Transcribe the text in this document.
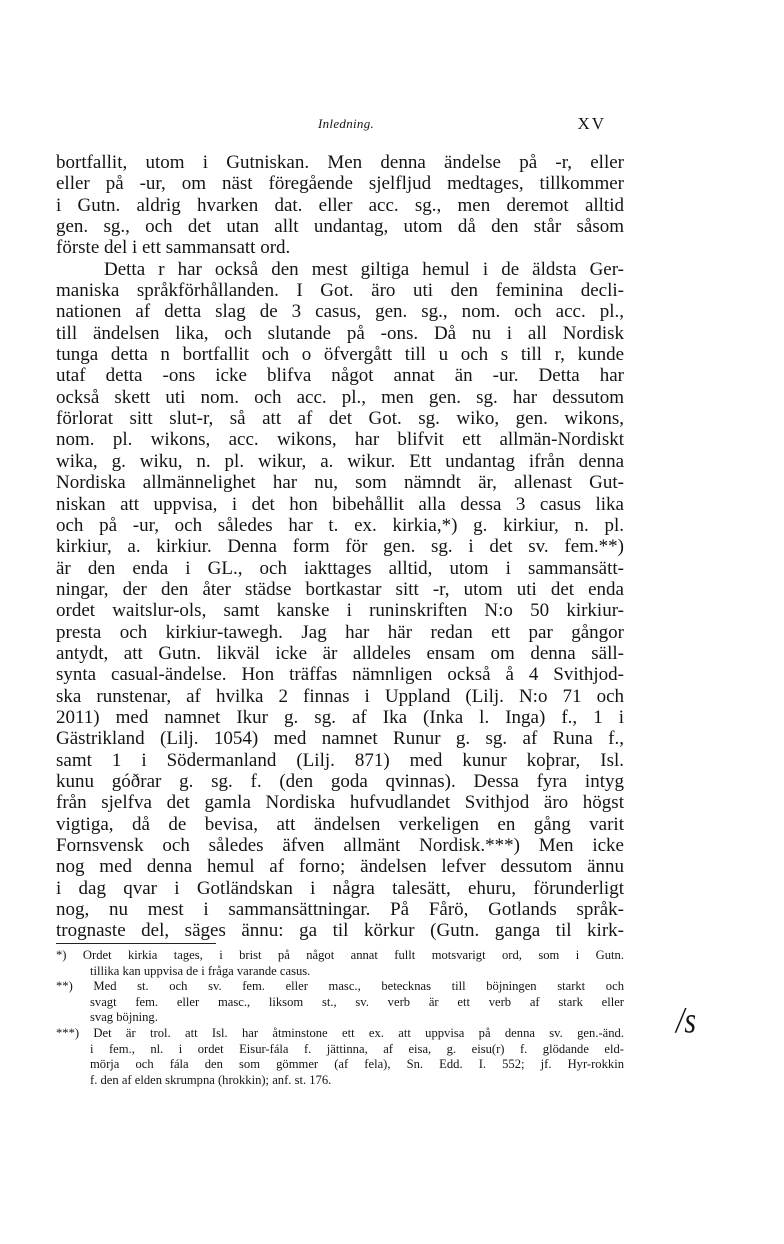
Inledning.	XV
bortfallit, utom i Gutniskan. Men denna ändelse på -r, eller
eller på -ur, om näst föregående sjelfljud medtages, tillkommer
i Gutn. aldrig hvarken dat. eller acc. sg., men deremot alltid
gen. sg., och det utan allt undantag, utom då den står såsom
förste del i ett sammansatt ord.
Detta r har också den mest giltiga hemul i de äldsta Ger-
maniska språkförhållanden. I Got. äro uti den feminina decli-
nationen af detta slag de 3 casus, gen. sg., nom. och acc. pl.,
till ändelsen lika, och slutande på -ons. Då nu i all Nordisk
tunga detta n bortfallit och o öfvergått till u och s till r, kunde
utaf detta -ons icke blifva något annat än -ur. Detta har
också skett uti nom. och acc. pl., men gen. sg. har dessutom
förlorat sitt slut-r, så att af det Got. sg. wiko, gen. wikons,
nom. pl. wikons, acc. wikons, har blifvit ett allmän-Nordiskt
wika, g. wiku, n. pl. wikur, a. wikur. Ett undantag ifrån denna
Nordiska allmännelighet har nu, som nämndt är, allenast Gut-
niskan att uppvisa, i det hon bibehållit alla dessa 3 casus lika
och på -ur, och således har t. ex. kirkia,*) g. kirkiur, n. pl.
kirkiur, a. kirkiur. Denna form för gen. sg. i det sv. fem.**)
är den enda i GL., och iakttages alltid, utom i sammansätt-
ningar, der den åter städse bortkastar sitt -r, utom uti det enda
ordet waitslur-ols, samt kanske i runinskriften N:o 50 kirkiur-
presta och kirkiur-tawegh. Jag har här redan ett par gångor
antydt, att Gutn. likväl icke är alldeles ensam om denna säll-
synta casual-ändelse. Hon träffas nämnligen också å 4 Svithjod-
ska runstenar, af hvilka 2 finnas i Uppland (Lilj. N:o 71 och
2011) med namnet Ikur g. sg. af Ika (Inka l. Inga) f., 1 i
Gästrikland (Lilj. 1054) med namnet Runur g. sg. af Runa f.,
samt 1 i Södermanland (Lilj. 871) med kunur koþrar, Isl.
kunu góðrar g. sg. f. (den goda qvinnas). Dessa fyra intyg
från sjelfva det gamla Nordiska hufvudlandet Svithjod äro högst
vigtiga, då de bevisa, att ändelsen verkeligen en gång varit
Fornsvensk och således äfven allmänt Nordisk.***) Men icke
nog med denna hemul af forno; ändelsen lefver dessutom ännu
i dag qvar i Gotländskan i några talesätt, ehuru, förunderligt
nog, nu mest i sammansättningar. På Fårö, Gotlands språk-
trognaste del, säges ännu: ga til körkur (Gutn. ganga til kirk-
*) Ordet kirkia tages, i brist på något annat fullt motsvarigt ord, som i Gutn.
tillika kan uppvisa de i fråga varande casus.
**) Med st. och sv. fem. eller masc., betecknas till böjningen starkt och
svagt fem. eller masc., liksom st., sv. verb är ett verb af stark eller
svag böjning.
***) Det är trol. att Isl. har åtminstone ett ex. att uppvisa på denna sv. gen.-änd.
i fem., nl. i ordet Eisur-fála f. jättinna, af eisa, g. eisu(r) f. glödande eld-
mörja och fála den som gömmer (af fela), Sn. Edd. I. 552; jf. Hyr-rokkin
f. den af elden skrumpna (hrokkin); anf. st. 176.
/s
